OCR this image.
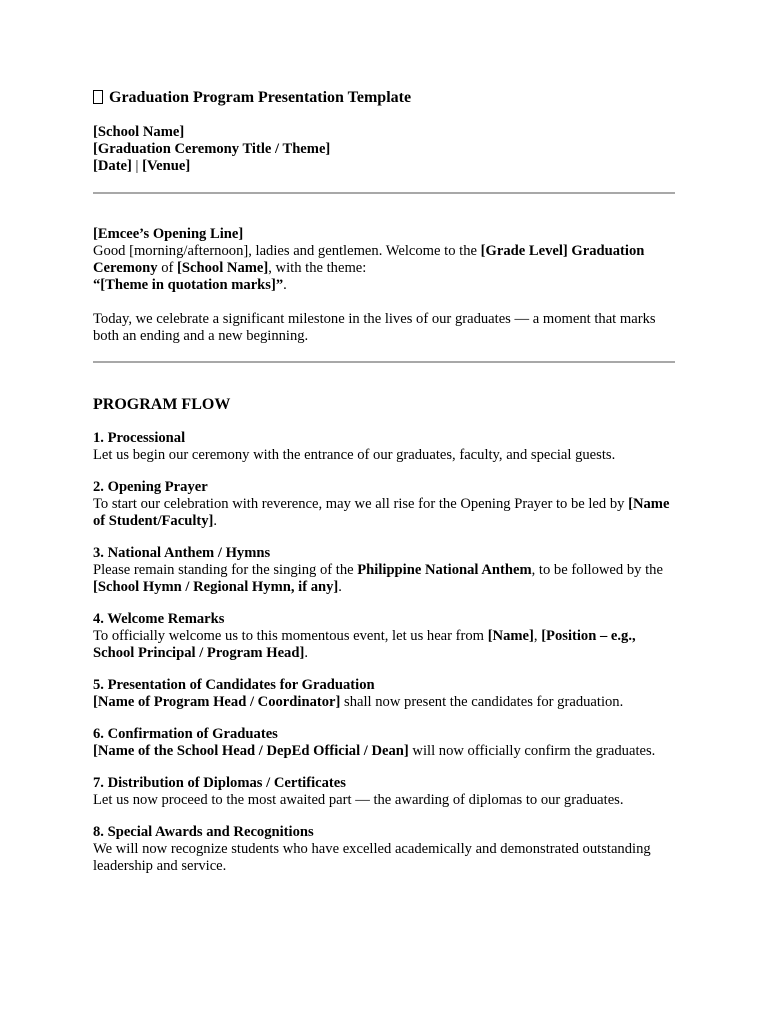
Graduation Program Presentation Template
[School Name]
[Graduation Ceremony Title / Theme]
[Date] | [Venue]
[Emcee’s Opening Line]

Good [morning/afternoon], ladies and gentlemen. Welcome to the [Grade Level] Graduation Ceremony of [School Name], with the theme:
“[Theme in quotation marks]”.

Today, we celebrate a significant milestone in the lives of our graduates — a moment that marks both an ending and a new beginning.

PROGRAM FLOW
1. Processional

Let us begin our ceremony with the entrance of our graduates, faculty, and special guests.

2. Opening Prayer

To start our celebration with reverence, may we all rise for the Opening Prayer to be led by [Name of Student/Faculty].

3. National Anthem / Hymns

Please remain standing for the singing of the Philippine National Anthem, to be followed by the [School Hymn / Regional Hymn, if any].

4. Welcome Remarks

To officially welcome us to this momentous event, let us hear from [Name], [Position – e.g., School Principal / Program Head].

5. Presentation of Candidates for Graduation

[Name of Program Head / Coordinator] shall now present the candidates for graduation.

6. Confirmation of Graduates

[Name of the School Head / DepEd Official / Dean] will now officially confirm the graduates.

7. Distribution of Diplomas / Certificates

Let us now proceed to the most awaited part — the awarding of diplomas to our graduates.

8. Special Awards and Recognitions

We will now recognize students who have excelled academically and demonstrated outstanding leadership and service.
